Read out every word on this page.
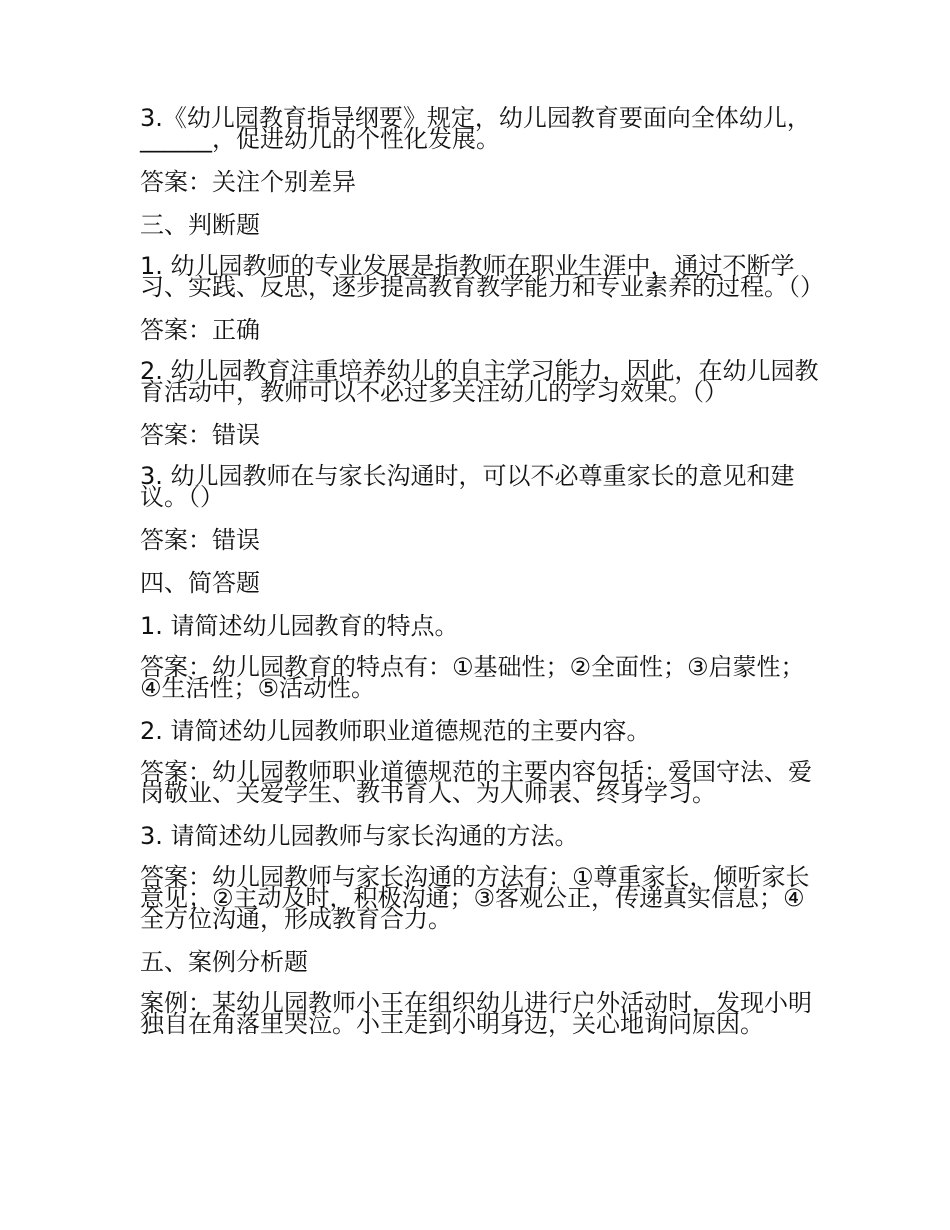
3.《幼儿园教育指导纲要》规定，幼儿园教育要面向全体幼儿，______，促进幼儿的个性化发展。

答案：关注个别差异

三、判断题

1. 幼儿园教师的专业发展是指教师在职业生涯中，通过不断学习、实践、反思，逐步提高教育教学能力和专业素养的过程。（）

答案：正确

2. 幼儿园教育注重培养幼儿的自主学习能力，因此，在幼儿园教育活动中，教师可以不必过多关注幼儿的学习效果。（）

答案：错误

3. 幼儿园教师在与家长沟通时，可以不必尊重家长的意见和建议。（）

答案：错误

四、简答题

1. 请简述幼儿园教育的特点。

答案：幼儿园教育的特点有：①基础性；②全面性；③启蒙性；④生活性；⑤活动性。

2. 请简述幼儿园教师职业道德规范的主要内容。

答案：幼儿园教师职业道德规范的主要内容包括：爱国守法、爱岗敬业、关爱学生、教书育人、为人师表、终身学习。

3. 请简述幼儿园教师与家长沟通的方法。

答案：幼儿园教师与家长沟通的方法有：①尊重家长，倾听家长意见；②主动及时，积极沟通；③客观公正，传递真实信息；④全方位沟通，形成教育合力。

五、案例分析题

案例：某幼儿园教师小王在组织幼儿进行户外活动时，发现小明独自在角落里哭泣。小王走到小明身边，关心地询问原因。
